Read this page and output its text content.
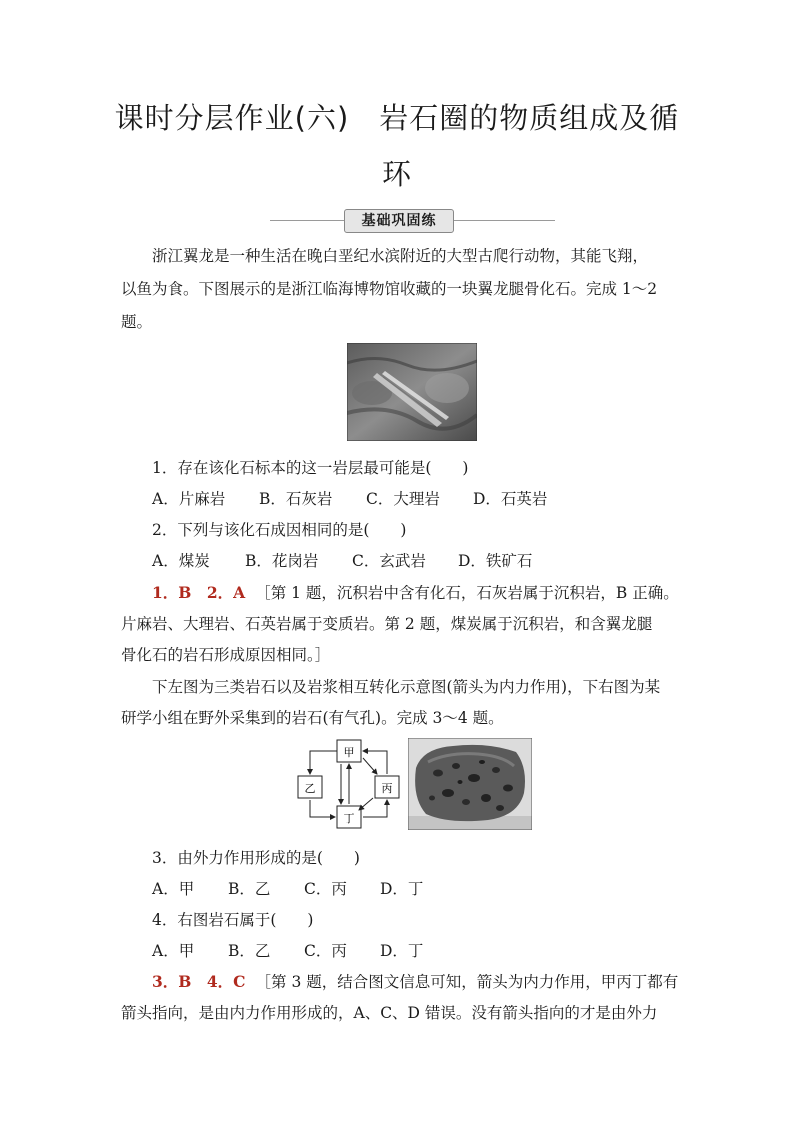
课时分层作业(六)　岩石圈的物质组成及循
环
基础巩固练
浙江翼龙是一种生活在晚白垩纪水滨附近的大型古爬行动物，其能飞翔，
以鱼为食。下图展示的是浙江临海博物馆收藏的一块翼龙腿骨化石。完成 1～2
题。
1．存在该化石标本的这一岩层最可能是(　　)
A．片麻岩 B．石灰岩 C．大理岩 D．石英岩
2．下列与该化石成因相同的是(　　)
A．煤炭 B．花岗岩 C．玄武岩 D．铁矿石
1．B　2．A ［第 1 题，沉积岩中含有化石，石灰岩属于沉积岩，B 正确。
片麻岩、大理岩、石英岩属于变质岩。第 2 题，煤炭属于沉积岩，和含翼龙腿
骨化石的岩石形成原因相同。］
下左图为三类岩石以及岩浆相互转化示意图(箭头为内力作用)，下右图为某
研学小组在野外采集到的岩石(有气孔)。完成 3～4 题。
甲
乙	丙
丁
3．由外力作用形成的是(　　)
A．甲 B．乙 C．丙 D．丁
4．右图岩石属于(　　)
A．甲 B．乙 C．丙 D．丁
3．B　4．C ［第 3 题，结合图文信息可知，箭头为内力作用，甲丙丁都有
箭头指向，是由内力作用形成的，A、C、D 错误。没有箭头指向的才是由外力
